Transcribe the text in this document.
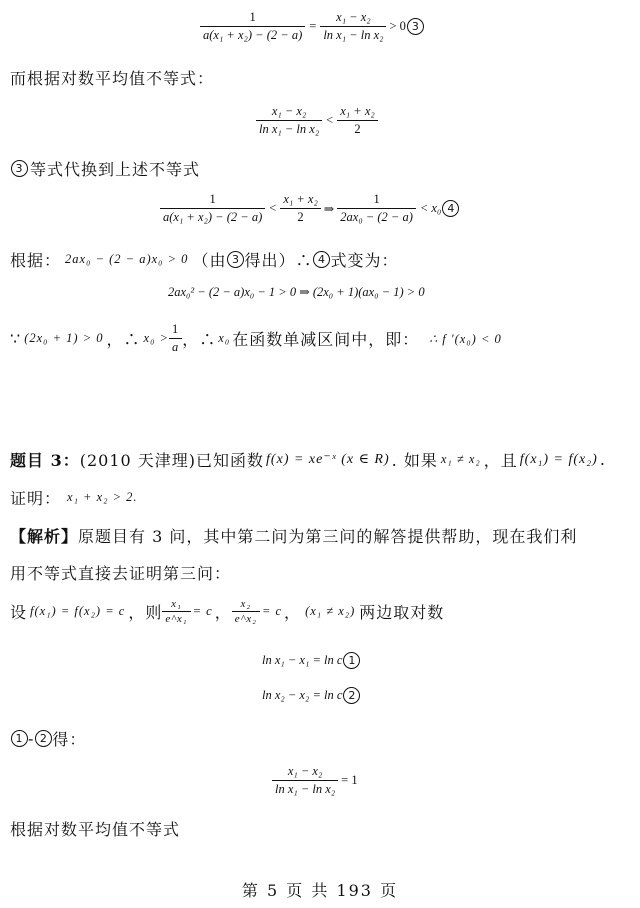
$\frac{1}{\text{a(x₁ + x₂) − (2 − a)}} = \frac{\text{x₁ − x₂}}{\text{ln x₁ − ln x₂}} > 0$ 3
而根据对数平均值不等式：
$\frac{\text{x₁ − x₂}}{\text{ln x₁ − ln x₂}} < \frac{\text{x₁ + x₂}}{2}$
3 等式代换到上述不等式
$\frac{1}{\text{a(x₁ + x₂) − (2 − a)}} < \frac{\text{x₁ + x₂}}{2}$ ⇒ $\frac{1}{\text{2ax₀ − (2 − a)}} < x_0$ 4
根据： 2ax₀ − (2 − a)x₀ > 0 （由 3 得出）∴ 4 式变为：
2ax₀² − (2 − a)x₀ − 1 > 0 ⇒ (2x₀ + 1)(ax₀ − 1) > 0
∵ (2x₀ + 1) > 0 ，∴ $x_0 > \frac{1}{a}$ ，∴ x₀ 在函数单减区间中，即： ∴ f ′(x₀) < 0
题目 3 ： (2010 天津理) 已知函数 f(x) = xe⁻ˣ (x ∈ R) . 如果 x₁ ≠ x₂ ，且 f(x₁) = f(x₂) .
证明： x₁ + x₂ > 2.
【解析】原题目有 3 问，其中第二问为第三问的解答提供帮助，现在我们利
用不等式直接去证明第三问：
设 f(x₁) = f(x₂) = c ，则 $\frac{\text{x₁}}{\text{e\textasciicircum{}x₁}} = c$ ， $\frac{\text{x₂}}{\text{e\textasciicircum{}x₂}} = c$ ， (x₁ ≠ x₂) 两边取对数
ln x₁ − x₁ = ln c 1
ln x₂ − x₂ = ln c 2
1 - 2 得：
$\frac{\text{x₁ − x₂}}{\text{ln x₁ − ln x₂}} = 1$
根据对数平均值不等式
第 5 页 共 193 页
